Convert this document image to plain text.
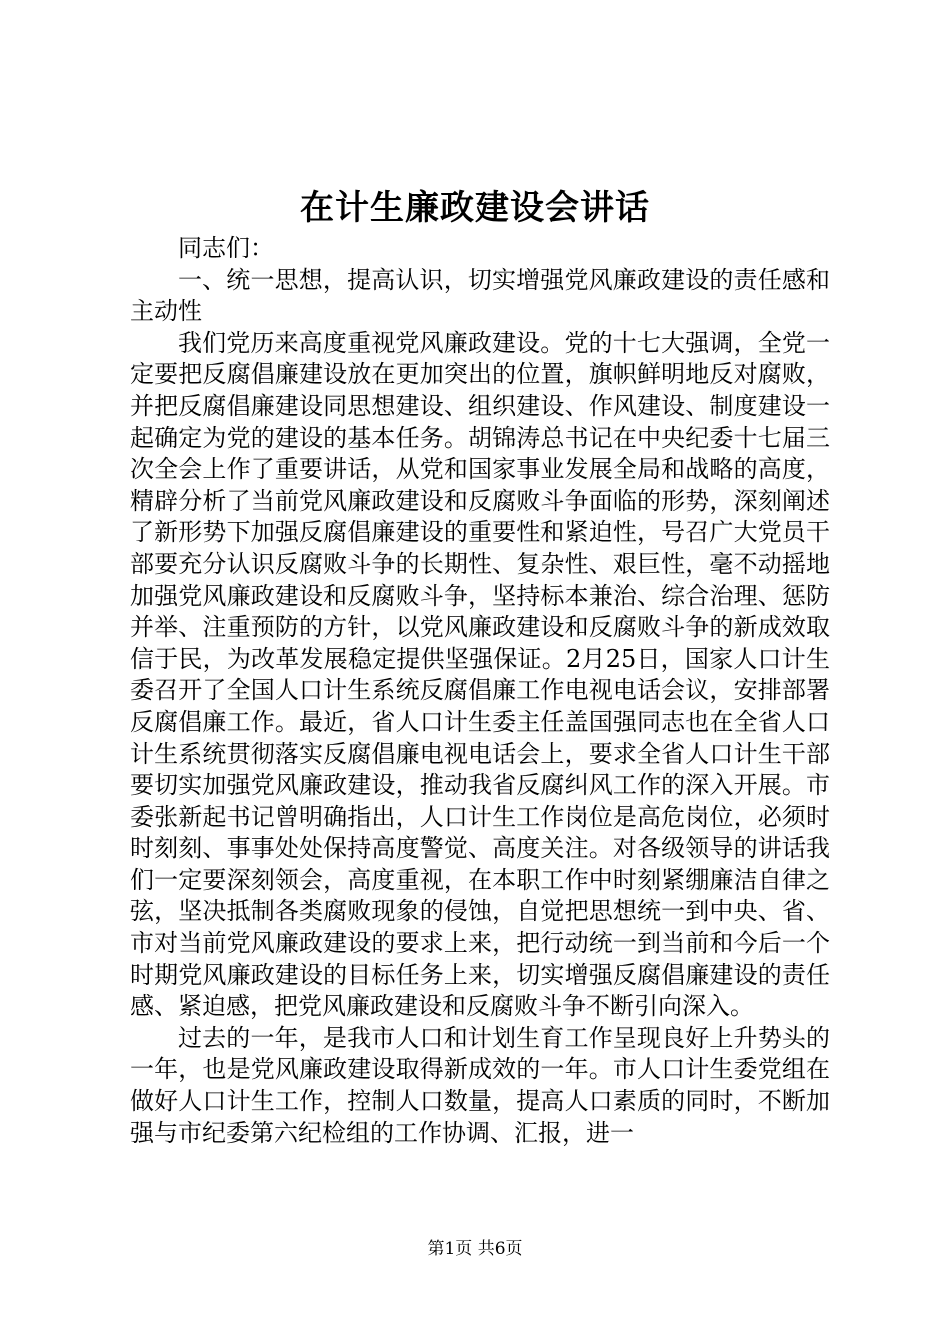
在计生廉政建设会讲话

同志们：

一、统一思想，提高认识，切实增强党风廉政建设的责任感和主动性

我们党历来高度重视党风廉政建设。党的十七大强调，全党一定要把反腐倡廉建设放在更加突出的位置，旗帜鲜明地反对腐败，并把反腐倡廉建设同思想建设、组织建设、作风建设、制度建设一起确定为党的建设的基本任务。胡锦涛总书记在中央纪委十七届三次全会上作了重要讲话，从党和国家事业发展全局和战略的高度，精辟分析了当前党风廉政建设和反腐败斗争面临的形势，深刻阐述了新形势下加强反腐倡廉建设的重要性和紧迫性，号召广大党员干部要充分认识反腐败斗争的长期性、复杂性、艰巨性，毫不动摇地加强党风廉政建设和反腐败斗争，坚持标本兼治、综合治理、惩防并举、注重预防的方针，以党风廉政建设和反腐败斗争的新成效取信于民，为改革发展稳定提供坚强保证。2月25日，国家人口计生委召开了全国人口计生系统反腐倡廉工作电视电话会议，安排部署反腐倡廉工作。最近，省人口计生委主任盖国强同志也在全省人口计生系统贯彻落实反腐倡廉电视电话会上，要求全省人口计生干部要切实加强党风廉政建设，推动我省反腐纠风工作的深入开展。市委张新起书记曾明确指出，人口计生工作岗位是高危岗位，必须时时刻刻、事事处处保持高度警觉、高度关注。对各级领导的讲话我们一定要深刻领会，高度重视，在本职工作中时刻紧绷廉洁自律之弦，坚决抵制各类腐败现象的侵蚀，自觉把思想统一到中央、省、市对当前党风廉政建设的要求上来，把行动统一到当前和今后一个时期党风廉政建设的目标任务上来，切实增强反腐倡廉建设的责任感、紧迫感，把党风廉政建设和反腐败斗争不断引向深入。

过去的一年，是我市人口和计划生育工作呈现良好上升势头的一年，也是党风廉政建设取得新成效的一年。市人口计生委党组在做好人口计生工作，控制人口数量，提高人口素质的同时，不断加强与市纪委第六纪检组的工作协调、汇报，进一

第1页 共6页
